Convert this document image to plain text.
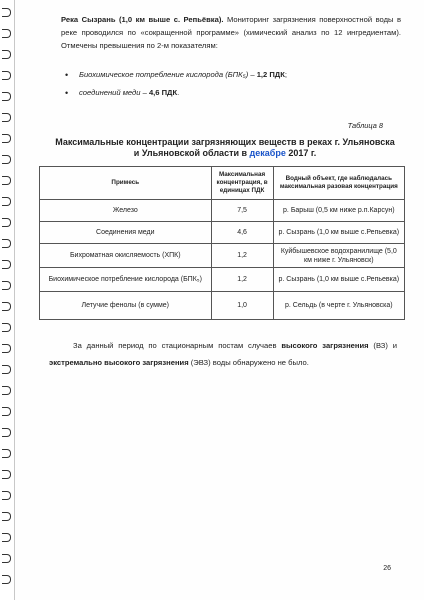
Река Сызрань (1,0 км выше с. Репьёвка). Мониторинг загрязнения поверхностной воды в реке проводился по «сокращенной программе» (химический анализ по 12 ингредиентам). Отмечены превышения по 2-м показателям:
• Биохимическое потребление кислорода (БПК₅) – 1,2 ПДК;
• соединений меди – 4,6 ПДК.
Таблица 8
Максимальные концентрации загрязняющих веществ в реках г. Ульяновска
и Ульяновской области в декабре 2017 г.
Примесь	Максимальная концентрация, в единицах ПДК	Водный объект, где наблюдалась максимальная разовая концентрация
Железо	7,5	р. Барыш (0,5 км ниже р.п.Карсун)
Соединения меди	4,6	р. Сызрань (1,0 км выше с.Репьевка)
Бихроматная окисляемость (ХПК)	1,2	Куйбышевское водохранилище (5,0 км ниже г. Ульяновск)
Биохимическое потребление кислорода (БПК₅)	1,2	р. Сызрань (1,0 км выше с.Репьевка)
Летучие фенолы (в сумме)	1,0	р. Сельдь (в черте г. Ульяновска)
За данный период по стационарным постам случаев высокого загрязнения (ВЗ) и экстремально высокого загрязнения (ЭВЗ) воды обнаружено не было.
26
